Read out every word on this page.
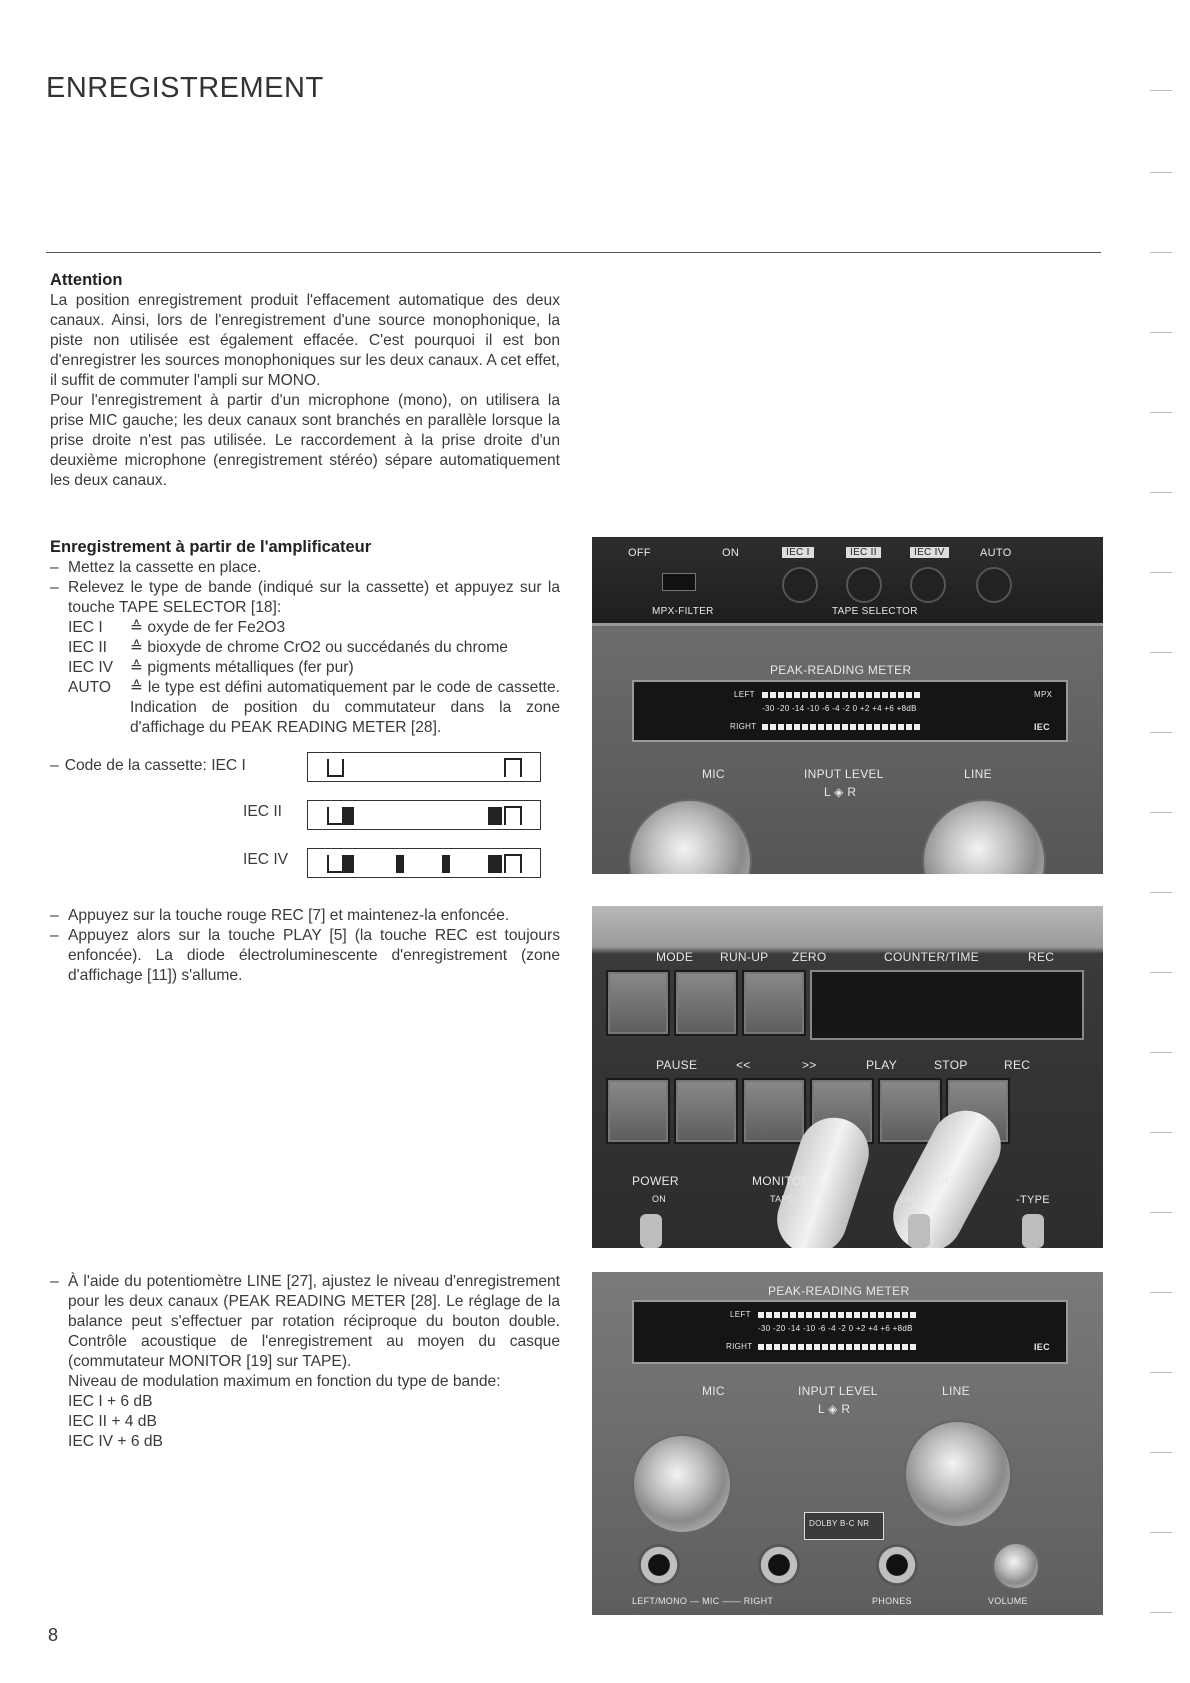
ENREGISTREMENT
Attention

La position enregistrement produit l'effacement automatique des deux canaux. Ainsi, lors de l'enregistrement d'une source monophonique, la piste non utilisée est également effacée. C'est pourquoi il est bon d'enregistrer les sources monophoniques sur les deux canaux. A cet effet, il suffit de commuter l'ampli sur MONO.

Pour l'enregistrement à partir d'un microphone (mono), on utilisera la prise MIC gauche; les deux canaux sont branchés en parallèle lorsque la prise droite n'est pas utilisée. Le raccordement à la prise droite d'un deuxième microphone (enregistrement stéréo) sépare automatiquement les deux canaux.

Enregistrement à partir de l'amplificateur
– Mettez la cassette en place.
– Relevez le type de bande (indiqué sur la cassette) et appuyez sur la touche TAPE SELECTOR [18]:
IEC I	≙ oxyde de fer Fe2O3
IEC II	≙ bioxyde de chrome CrO2 ou succédanés du chrome
IEC IV	≙ pigments métalliques (fer pur)
AUTO	≙ le type est défini automatiquement par le code de cassette. Indication de position du commutateur dans la zone d'affichage du PEAK READING METER [28].
– Code de la cassette: IEC I
IEC II
IEC IV
– Appuyez sur la touche rouge REC [7] et maintenez-la enfoncée.
– Appuyez alors sur la touche PLAY [5] (la touche REC est toujours enfoncée). La diode électroluminescente d'enregistrement (zone d'affichage [11]) s'allume.
– À l'aide du potentiomètre LINE [27], ajustez le niveau d'enregistrement pour les deux canaux (PEAK READING METER [28]. Le réglage de la balance peut s'effectuer par rotation réciproque du bouton double. Contrôle acoustique de l'enregistrement au moyen du casque (commutateur MONITOR [19] sur TAPE).
Niveau de modulation maximum en fonction du type de bande:
IEC I + 6 dB
IEC II + 4 dB
IEC IV + 6 dB
OFF	ON
MPX-FILTER
IEC I	IEC II	IEC IV	AUTO
TAPE SELECTOR
PEAK-READING METER
LEFT
-30 -20 -14 -10 -6 -4 -2 0 +2 +4 +6 +8dB
RIGHT
MPX
IEC
MIC	INPUT LEVEL
L ◈ R
LINE
MODE RUN-UP ZERO	COUNTER/TIME	REC
PAUSE	<<	>>	PLAY	STOP	REC
POWER
ON
MONITOR
TAPE
DO
ON	-TYPE
PEAK-READING METER
LEFT
-30 -20 -14 -10 -6 -4 -2 0 +2 +4 +6 +8dB
RIGHT	IEC
MIC	INPUT LEVEL
L ◈ R
LINE
DOLBY B-C NR
LEFT/MONO — MIC —— RIGHT	PHONES	VOLUME
8
